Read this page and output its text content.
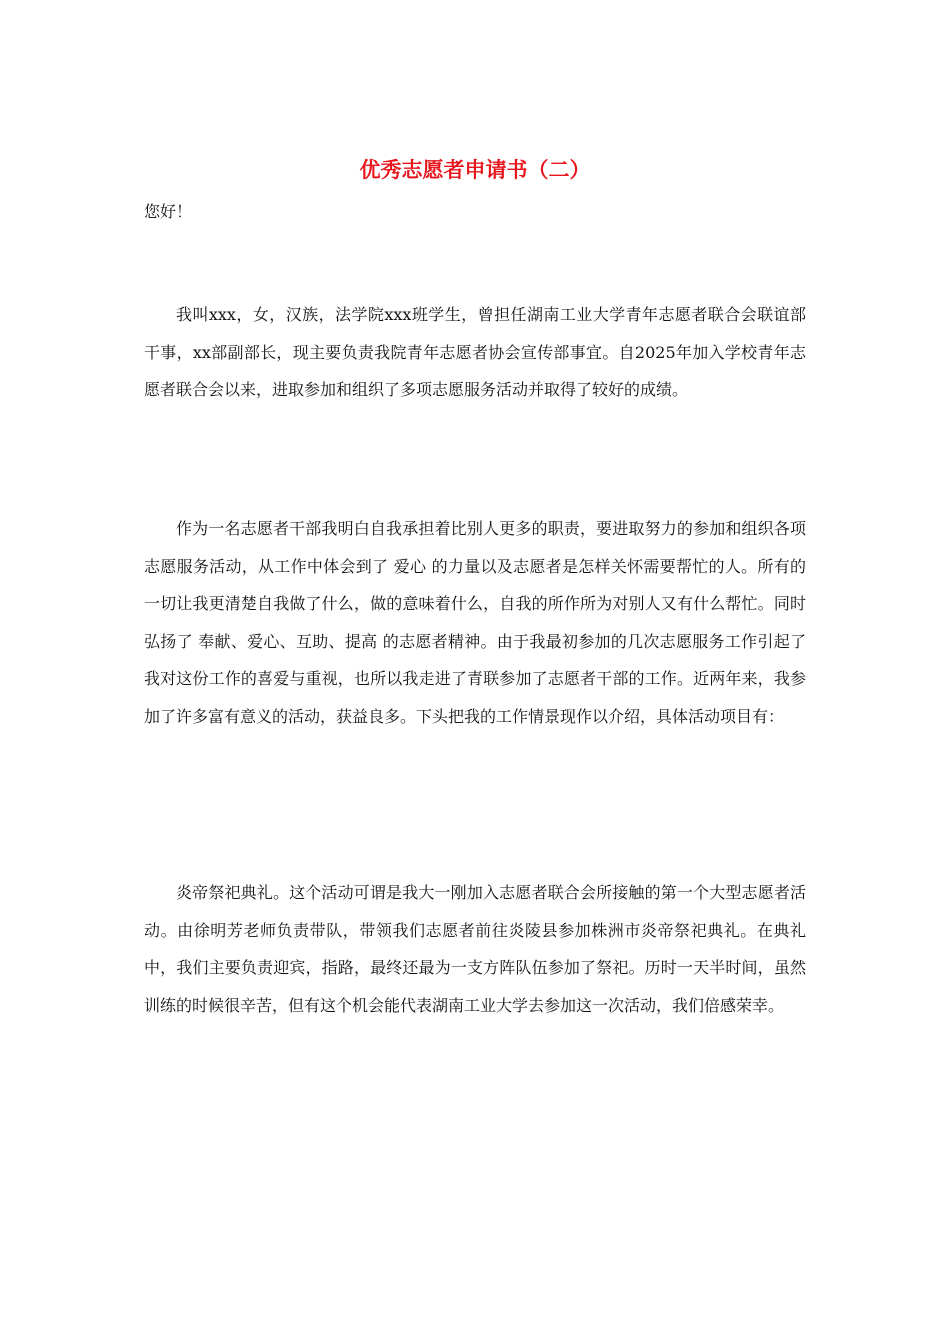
优秀志愿者申请书（二）

您好！

我叫xxx，女，汉族，法学院xxx班学生，曾担任湖南工业大学青年志愿者联合会联谊部干事，xx部副部长，现主要负责我院青年志愿者协会宣传部事宜。自2025年加入学校青年志愿者联合会以来，进取参加和组织了多项志愿服务活动并取得了较好的成绩。

作为一名志愿者干部我明白自我承担着比别人更多的职责，要进取努力的参加和组织各项志愿服务活动，从工作中体会到了 爱心 的力量以及志愿者是怎样关怀需要帮忙的人。所有的一切让我更清楚自我做了什么，做的意味着什么，自我的所作所为对别人又有什么帮忙。同时弘扬了 奉献、爱心、互助、提高 的志愿者精神。由于我最初参加的几次志愿服务工作引起了我对这份工作的喜爱与重视，也所以我走进了青联参加了志愿者干部的工作。近两年来，我参加了许多富有意义的活动，获益良多。下头把我的工作情景现作以介绍，具体活动项目有：

炎帝祭祀典礼。这个活动可谓是我大一刚加入志愿者联合会所接触的第一个大型志愿者活动。由徐明芳老师负责带队，带领我们志愿者前往炎陵县参加株洲市炎帝祭祀典礼。在典礼中，我们主要负责迎宾，指路，最终还最为一支方阵队伍参加了祭祀。历时一天半时间，虽然训练的时候很辛苦，但有这个机会能代表湖南工业大学去参加这一次活动，我们倍感荣幸。
